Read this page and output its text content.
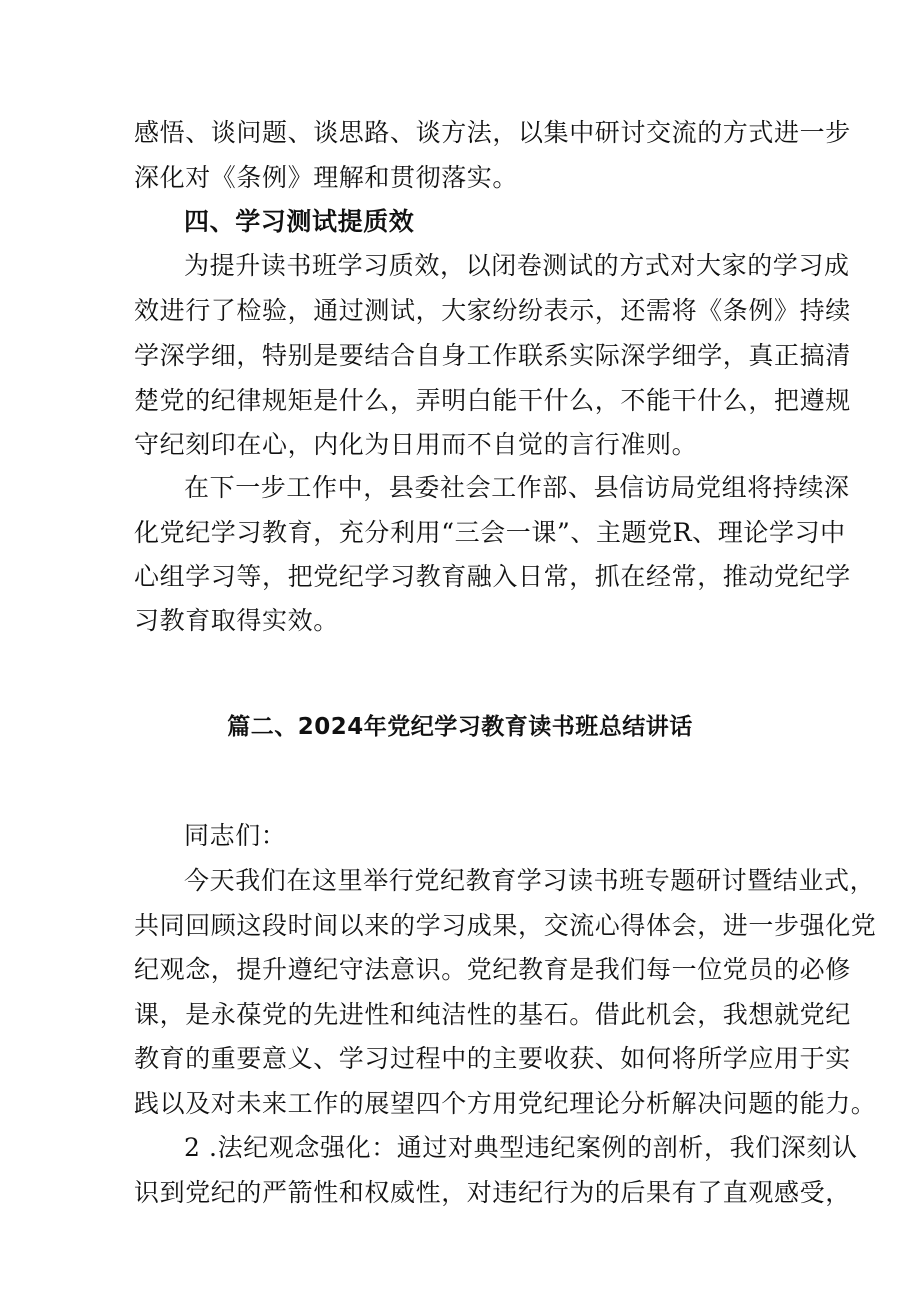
感悟、谈问题、谈思路、谈方法，以集中研讨交流的方式进一步
深化对《条例》理解和贯彻落实。
四、学习测试提质效
为提升读书班学习质效，以闭卷测试的方式对大家的学习成
效进行了检验，通过测试，大家纷纷表示，还需将《条例》持续
学深学细，特别是要结合自身工作联系实际深学细学，真正搞清
楚党的纪律规矩是什么，弄明白能干什么，不能干什么，把遵规
守纪刻印在心，内化为日用而不自觉的言行准则。
在下一步工作中，县委社会工作部、县信访局党组将持续深
化党纪学习教育，充分利用“三会一课”、主题党R、理论学习中
心组学习等，把党纪学习教育融入日常，抓在经常，推动党纪学
习教育取得实效。
篇二、2024年党纪学习教育读书班总结讲话
同志们：
今天我们在这里举行党纪教育学习读书班专题研讨暨结业式，
共同回顾这段时间以来的学习成果，交流心得体会，进一步强化党
纪观念，提升遵纪守法意识。党纪教育是我们每一位党员的必修
课，是永葆党的先进性和纯洁性的基石。借此机会，我想就党纪
教育的重要意义、学习过程中的主要收获、如何将所学应用于实
践以及对未来工作的展望四个方用党纪理论分析解决问题的能力。
2 .法纪观念强化：通过对典型违纪案例的剖析，我们深刻认
识到党纪的严箭性和权威性，对违纪行为的后果有了直观感受，
